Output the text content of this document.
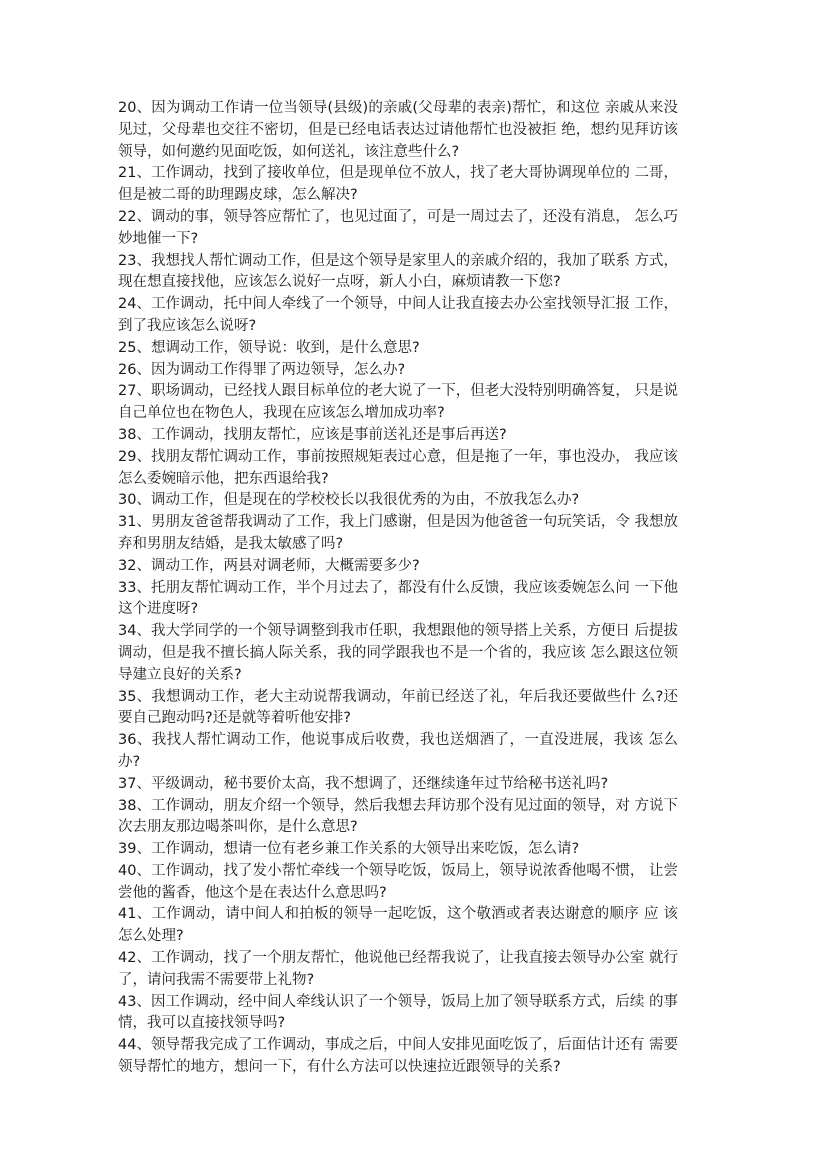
20、因为调动工作请一位当领导(县级)的亲戚(父母辈的表亲)帮忙，和这位 亲戚从来没见过，父母辈也交往不密切，但是已经电话表达过请他帮忙也没被拒 绝，想约见拜访该领导，如何邀约见面吃饭，如何送礼，该注意些什么?

21、工作调动，找到了接收单位，但是现单位不放人，找了老大哥协调现单位的 二哥，但是被二哥的助理踢皮球，怎么解决?

22、调动的事，领导答应帮忙了，也见过面了，可是一周过去了，还没有消息， 怎么巧妙地催一下?

23、我想找人帮忙调动工作，但是这个领导是家里人的亲戚介绍的，我加了联系 方式，现在想直接找他，应该怎么说好一点呀，新人小白，麻烦请教一下您?

24、工作调动，托中间人牵线了一个领导，中间人让我直接去办公室找领导汇报 工作，到了我应该怎么说呀?

25、想调动工作，领导说：收到，是什么意思?

26、因为调动工作得罪了两边领导，怎么办?

27、职场调动，已经找人跟目标单位的老大说了一下，但老大没特别明确答复， 只是说自己单位也在物色人，我现在应该怎么增加成功率?

38、工作调动，找朋友帮忙，应该是事前送礼还是事后再送?

29、找朋友帮忙调动工作，事前按照规矩表过心意，但是拖了一年，事也没办， 我应该怎么委婉暗示他，把东西退给我?

30、调动工作，但是现在的学校校长以我很优秀的为由，不放我怎么办?

31、男朋友爸爸帮我调动了工作，我上门感谢，但是因为他爸爸一句玩笑话，令 我想放弃和男朋友结婚，是我太敏感了吗?

32、调动工作，两县对调老师，大概需要多少?

33、托朋友帮忙调动工作，半个月过去了，都没有什么反馈，我应该委婉怎么问 一下他这个进度呀?

34、我大学同学的一个领导调整到我市任职，我想跟他的领导搭上关系，方便日 后提拔调动，但是我不擅长搞人际关系，我的同学跟我也不是一个省的，我应该 怎么跟这位领导建立良好的关系?

35、我想调动工作，老大主动说帮我调动，年前已经送了礼，年后我还要做些什 么?还要自己跑动吗?还是就等着听他安排?

36、我找人帮忙调动工作，他说事成后收费，我也送烟酒了，一直没进展，我该 怎么办?

37、平级调动，秘书要价太高，我不想调了，还继续逢年过节给秘书送礼吗?

38、工作调动，朋友介绍一个领导，然后我想去拜访那个没有见过面的领导，对 方说下次去朋友那边喝茶叫你，是什么意思?

39、工作调动，想请一位有老乡兼工作关系的大领导出来吃饭，怎么请?

40、工作调动，找了发小帮忙牵线一个领导吃饭，饭局上，领导说浓香他喝不惯， 让尝尝他的酱香，他这个是在表达什么意思吗?

41、工作调动，请中间人和拍板的领导一起吃饭，这个敬酒或者表达谢意的顺序 应 该怎么处理?

42、工作调动，找了一个朋友帮忙，他说他已经帮我说了，让我直接去领导办公室 就行了，请问我需不需要带上礼物?

43、因工作调动，经中间人牵线认识了一个领导，饭局上加了领导联系方式，后续 的事情，我可以直接找领导吗?

44、领导帮我完成了工作调动，事成之后，中间人安排见面吃饭了，后面估计还有 需要领导帮忙的地方，想问一下，有什么方法可以快速拉近跟领导的关系?
